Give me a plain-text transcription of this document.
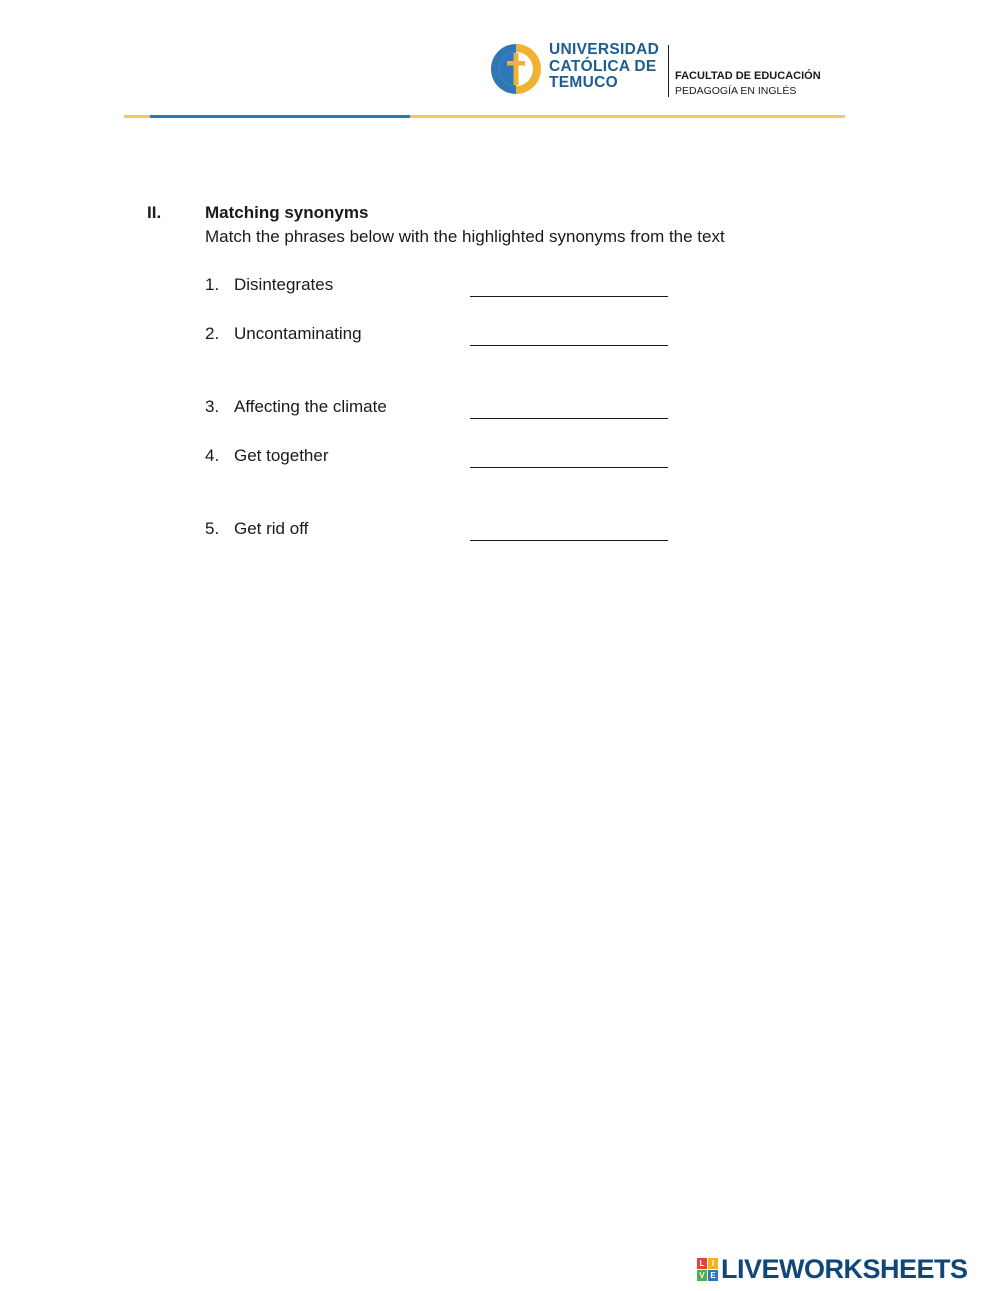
UNIVERSIDAD
CATÓLICA DE
TEMUCO	FACULTAD DE EDUCACIÓN
PEDAGOGÍA EN INGLÉS
II.	Matching synonyms
Match the phrases below with the highlighted synonyms from the text
1. Disintegrates
2. Uncontaminating
3. Affecting the climate
4. Get together
5. Get rid off
L I
V E LIVEWORKSHEETS
